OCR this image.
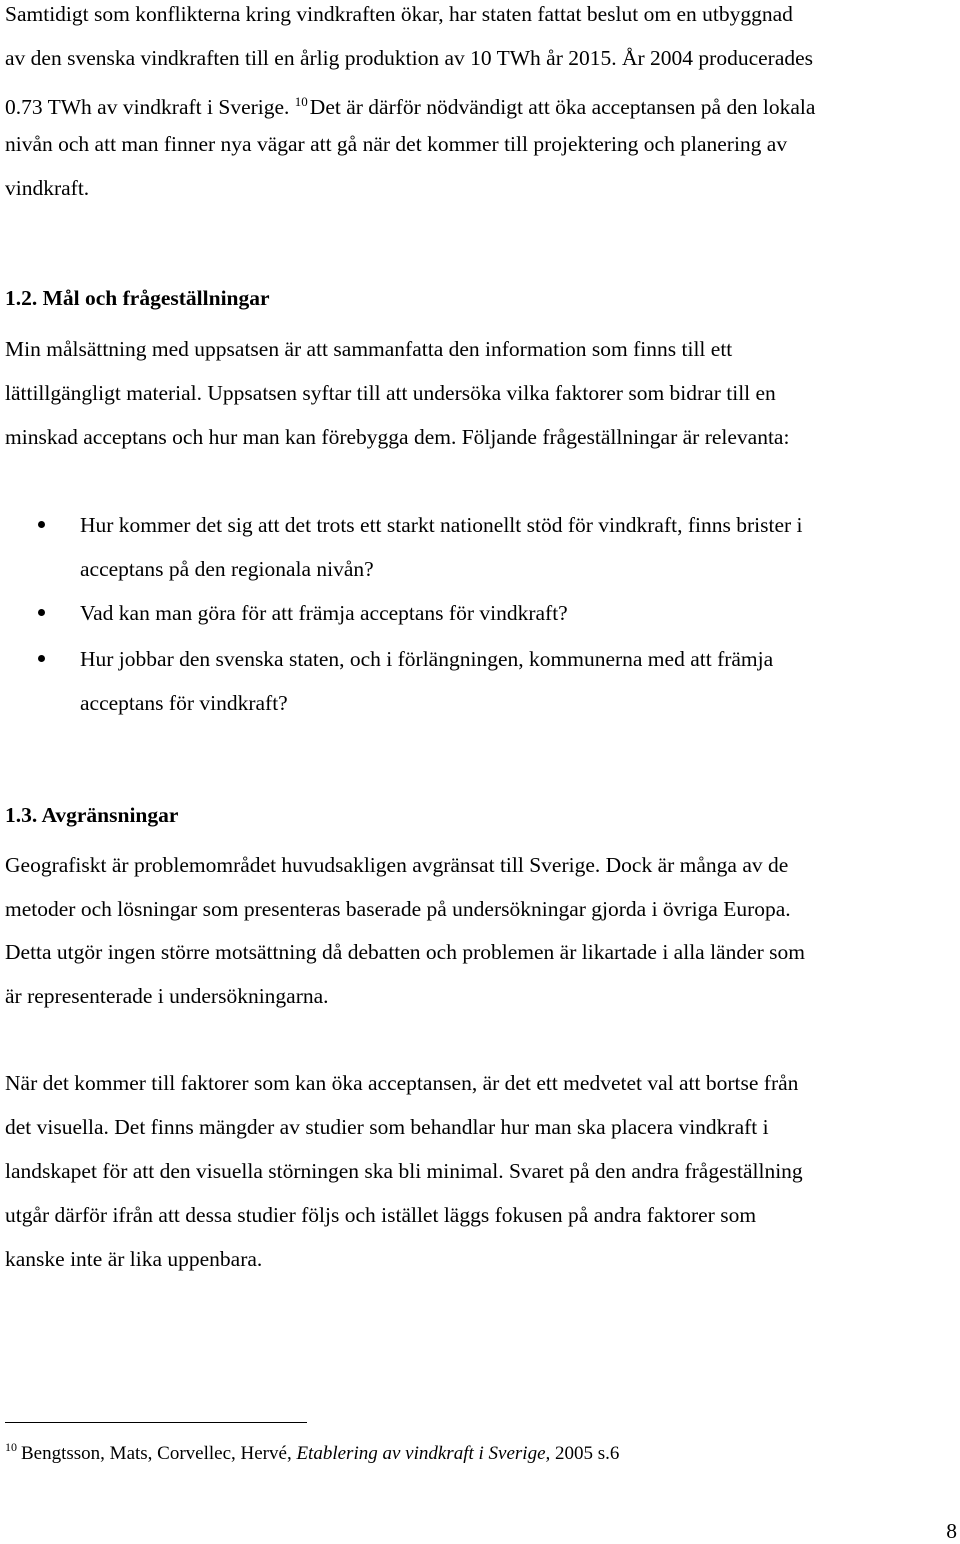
Samtidigt som konflikterna kring vindkraften ökar, har staten fattat beslut om en utbyggnad
av den svenska vindkraften till en årlig produktion av 10 TWh år 2015. År 2004 producerades
0.73 TWh av vindkraft i Sverige. $^{10}$Det är därför nödvändigt att öka acceptansen på den lokala
nivån och att man finner nya vägar att gå när det kommer till projektering och planering av
vindkraft.
1.2. Mål och frågeställningar
Min målsättning med uppsatsen är att sammanfatta den information som finns till ett
lättillgängligt material. Uppsatsen syftar till att undersöka vilka faktorer som bidrar till en
minskad acceptans och hur man kan förebygga dem. Följande frågeställningar är relevanta:
Hur kommer det sig att det trots ett starkt nationellt stöd för vindkraft, finns brister i
acceptans på den regionala nivån?
Vad kan man göra för att främja acceptans för vindkraft?
Hur jobbar den svenska staten, och i förlängningen, kommunerna med att främja
acceptans för vindkraft?
1.3. Avgränsningar
Geografiskt är problemområdet huvudsakligen avgränsat till Sverige. Dock är många av de
metoder och lösningar som presenteras baserade på undersökningar gjorda i övriga Europa.
Detta utgör ingen större motsättning då debatten och problemen är likartade i alla länder som
är representerade i undersökningarna.
När det kommer till faktorer som kan öka acceptansen, är det ett medvetet val att bortse från
det visuella. Det finns mängder av studier som behandlar hur man ska placera vindkraft i
landskapet för att den visuella störningen ska bli minimal. Svaret på den andra frågeställning
utgår därför ifrån att dessa studier följs och istället läggs fokusen på andra faktorer som
kanske inte är lika uppenbara.
$^{10}$ Bengtsson, Mats, Corvellec, Hervé, Etablering av vindkraft i Sverige, 2005 s.6
8
